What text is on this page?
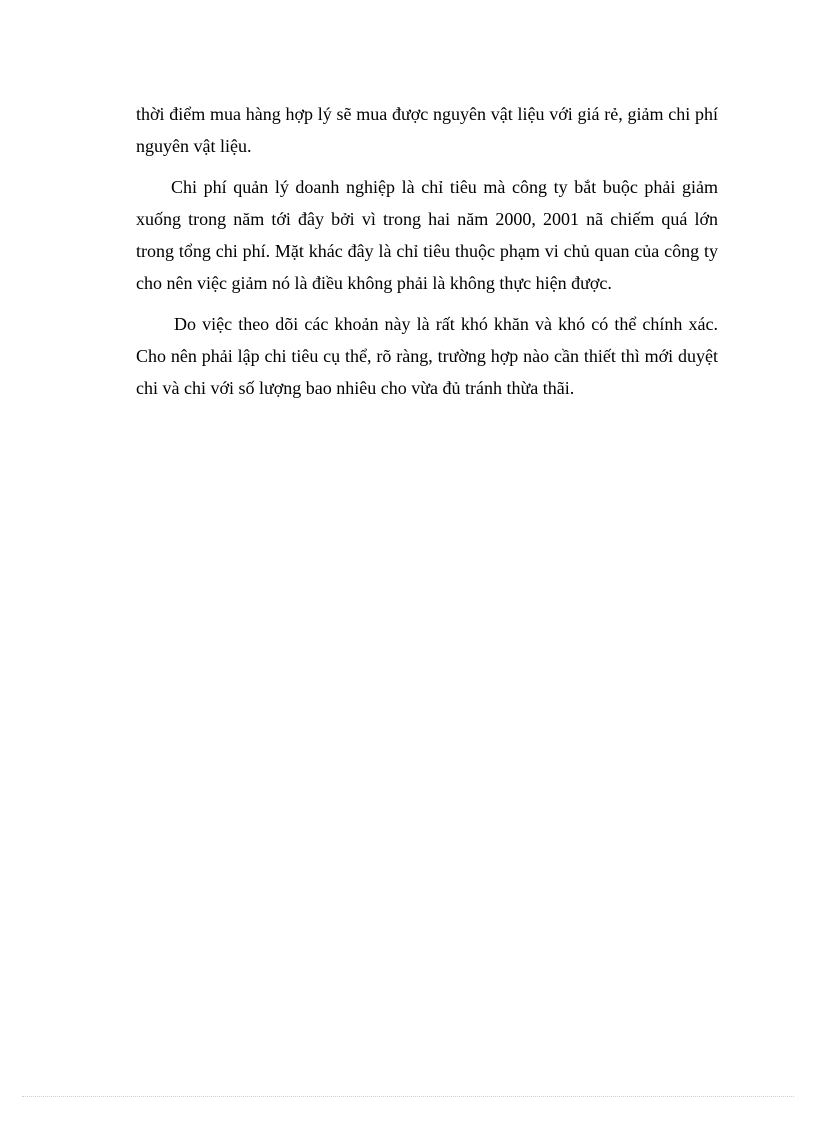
thời điểm mua hàng hợp lý sẽ mua được nguyên vật liệu với giá rẻ, giảm chi phí nguyên vật liệu.

Chi phí quản lý doanh nghiệp là chỉ tiêu mà công ty bắt buộc phải giảm xuống trong năm tới đây bởi vì trong hai năm 2000, 2001 nã chiếm quá lớn trong tổng chi phí. Mặt khác đây là chỉ tiêu thuộc phạm vi chủ quan của công ty cho nên việc giảm nó là điều không phải là không thực hiện được.

Do việc theo dõi các khoản này là rất khó khăn và khó có thể chính xác. Cho nên phải lập chi tiêu cụ thể, rõ ràng, trường hợp nào cần thiết thì mới duyệt chi và chi với số lượng bao nhiêu cho vừa đủ tránh thừa thãi.
